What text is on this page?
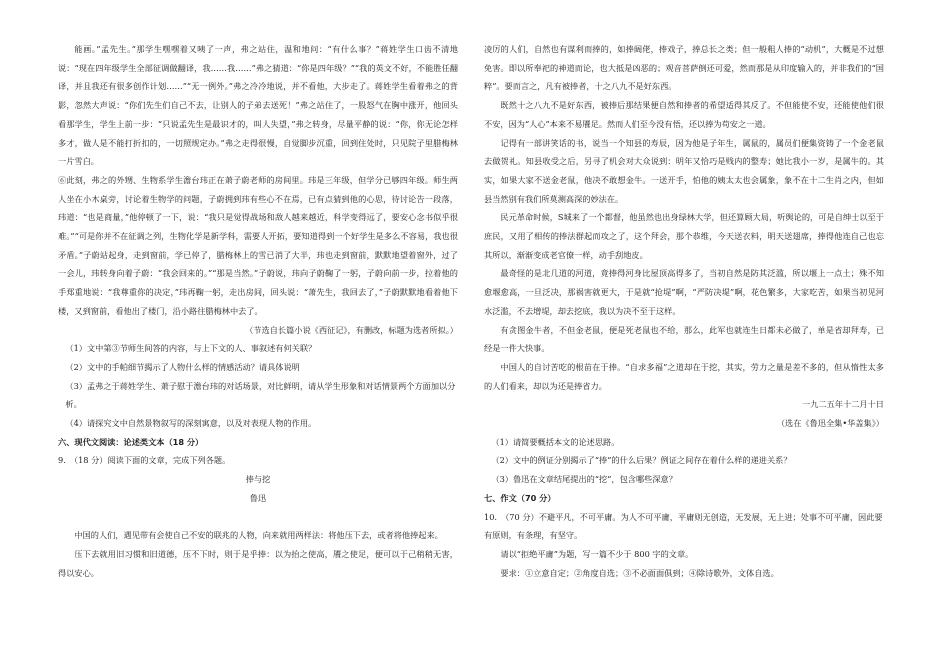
能画。”孟先生。”那学生嘿嘿着又咦了一声，弗之站住，温和地问：“有什么事？”蒋姓学生口齿不清地说：“现在四年级学生全部征调做翻译，我……我……”弗之猜道：“你是四年级？”“我的英文不好，不能胜任翻译，并且我还有很多创作计划……”“无一例外。”弗之冷冷地说，并不看他，大步走了。蒋姓学生看着弗之的背影，忽然大声说：“你们先生们自己不去，让别人的子弟去送死！”弗之站住了，一股怒气在胸中涨开，他回头看那学生，学生上前一步：“只说孟先生是最识才的，叫人失望，”弗之转身，尽量平静的说：“你，你无论怎样多才，做人是不能打折扣的，一切照规定办。”弗之走得很慢，自觉脚步沉重，回到住处时，只见院子里腊梅林一片雪白。

⑥此刻，弗之的外甥、生物系学生澹台玮正在萧子蔚老师的房间里。玮是三年级，但学分已够四年级。师生两人坐在小木桌旁，讨论着生物学的问题，子蔚拥到玮有些心不在焉，已有点猜到他的心思，待讨论告一段落，玮道：“也是商量，”他停顿了一下，说：“我只是觉得战场和敌人越来越近，科学变得远了，要安心念书似乎很难。”“可是你并不在征调之列，生物化学是新学科，需要人开拓，要知道得到一个好学生是多么不容易，我也很矛盾。”子蔚站起身，走到窗前，学已停了，腊梅林上的雪已消了大半，玮也走到窗前，默默地望着窗外，过了一会儿，玮转身向着子蔚：“我会回来的。”“那是当然。”子蔚说，玮向子蔚鞠了一躬，子蔚向前一步，拉着他的手郑重地说：“我尊重你的决定，”玮再鞠一躬，走出房间，回头说：“萧先生，我回去了，”子蔚默默地看着他下楼，又到窗前，看他出了楼门，沿小路往腊梅林中去了。

（节选自长篇小说《西征记》，有删改，标题为选者所拟。）

（1）文中第③节师生间答的内容，与上下文的人、事叙述有何关联？

（2）文中的手帕细节揭示了人物什么样的情感活动？请具体说明

（3）孟弗之于蒋姓学生、萧子慰于澹台玮的对话场景，对比鲜明，请从学生形象和对话情景两个方面加以分析。

（4）请探究文中自然景物叙写的深刻寓意，以及对表现人物的作用。

六、现代文阅读：论述类文本（18 分）

9.　（18 分）阅读下面的文章，完成下列各题。

捧与挖

鲁迅

中国的人们，遇见带有会使自己不安的联兆的人物，向来就用两样法：将他压下去，或者将他捧起来。

压下去就用旧习惯和旧道德，压不下时，则于是乎捧：以为抬之使高，餍之使足，便可以于己稍稍无害，得以安心。

凌厉的人们，自然也有谋利而捧的，如捧阔佬，捧戏子，捧总长之类；但一般粗人捧的“动机”，大概是不过想免害。即以所奉祀的神道而论，也大抵是凶恶的；观音菩萨倒还可爱，然而那是从印度输入的，并非我们的“国粹”。要而言之，凡有被捧者，十之八九不是好东西。

既然十之八九不是好东西，被捧后那结果便自然和捧者的希望适得其反了。不但能使不安，还能使他们很不安，因为“人心”本来不易餍足。然而人们至今没有悟，还以捧为苟安之一道。

记得有一部讲笑话的书，说当一个知县的寿辰，因为他是子年生，属鼠的，属员们便集资铸了一个金老鼠去做贺礼。知县收受之后，另寻了机会对大众说到：明年又恰巧是贱内的整寿；她比我小一岁，是属牛的。其实，如果大家不送金老鼠，他决不敢想金牛。一送开手，怕他的姨太太也会属象，象不在十二生肖之内，但如县当然别有我们所莫测高深的妙法在。

民元革命时候，S城来了一个都督，他虽然也出身绿林大学，但还算顾大局，听舆论的，可是自绅士以至于庶民，又用了相传的捧法群起而攻之了，这个拜会，那个恭维，今天送衣料，明天送翅席，捧得他连自己也忘其所以，渐渐变成老官僚一样，动手刮地皮。

最奇怪的是北几道的河道，竟捧得河身比屋顶高得多了，当初自然是防其泛滥，所以堰上一点土；殊不知愈堰愈高，一旦泛决，那祸害就更大，于是就“抢堤”啊，“严防决堤”啊，花色繁多，大家吃苦，如果当初见河水泛滥，不去增堤，却去挖底，我以为决不至于这样。

有贪图金牛者，不但金老鼠，便是死老鼠也不给，那么，此军也就连生日都未必做了，单是省却拜寿，已经是一件大快事。

中国人的自讨苦吃的根苗在于捧。“自求多福”之道却在于挖，其实，劳力之量是差不多的，但从惰性太多的人们看来，却以为还是捧省力。

一九二五年十二月十日

（选在《鲁迅全集•华盖集》）

（1）请简要概括本文的论述思路。

（2）文中的例证分别揭示了“捧”的什么后果？例证之间存在着什么样的递进关系？

（3）鲁迅在文章结尾提出的“挖”，包含哪些深意？

七、作文（70 分）

10.　（70 分）不避平凡，不可平庸。为人不可平庸，平庸则无创造，无发展，无上进；处事不可平庸，因此要有原则，有条理，有坚守。

请以“拒绝平庸”为题，写一篇不少于 800 字的文章。

要求：①立意自定；②角度自选；③不必面面俱到；④除诗歌外，文体自选。
